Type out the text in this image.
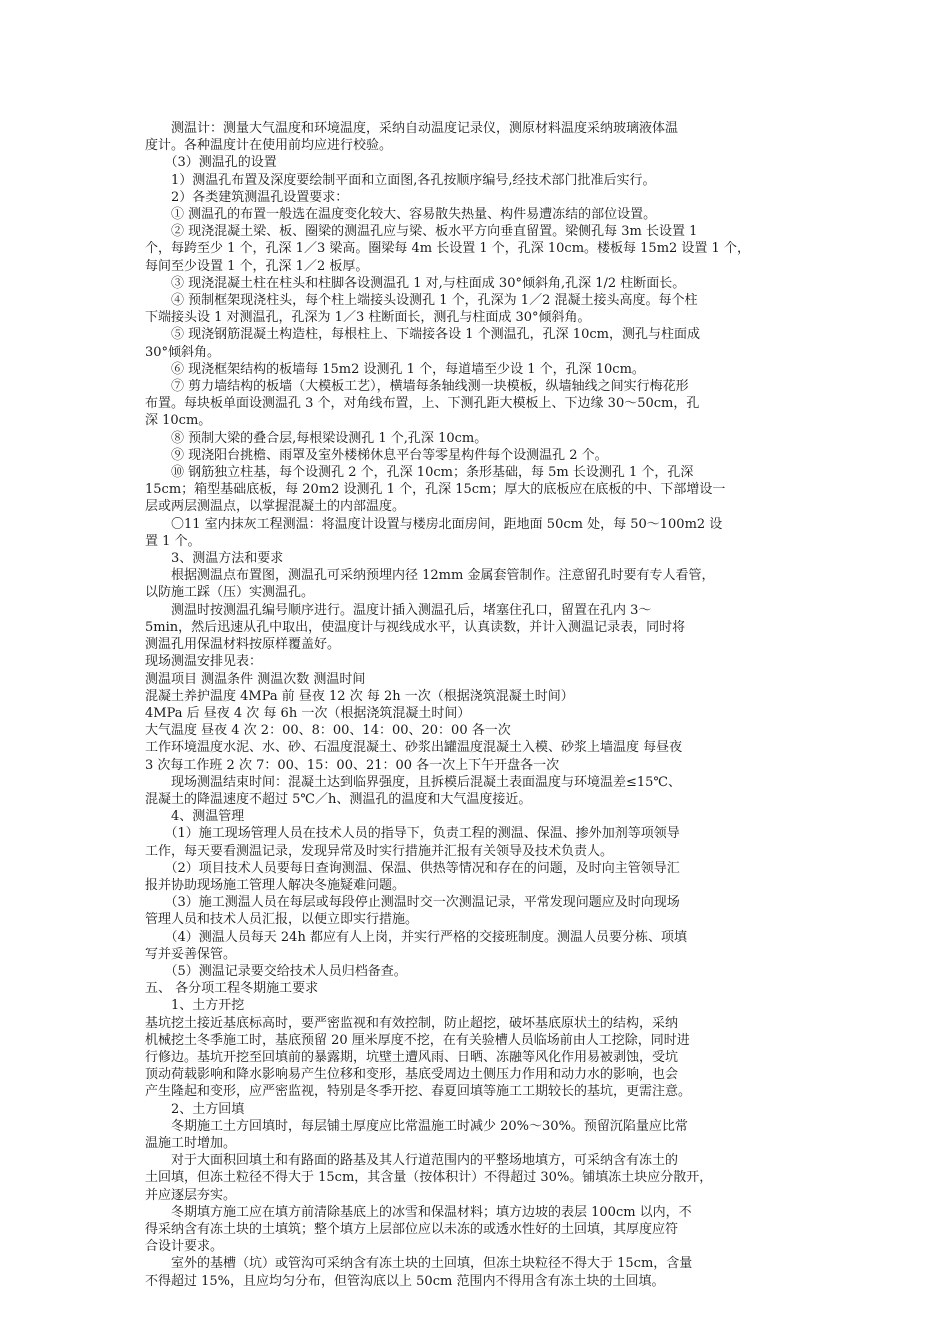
　　测温计：测量大气温度和环境温度，采纳自动温度记录仪，测原材料温度采纳玻璃液体温
度计。各种温度计在使用前均应进行校验。
　　（3）测温孔的设置
　　1）测温孔布置及深度要绘制平面和立面图,各孔按顺序编号,经技术部门批准后实行。
　　2）各类建筑测温孔设置要求：
　　① 测温孔的布置一般选在温度变化较大、容易散失热量、构件易遭冻结的部位设置。
　　② 现浇混凝土梁、板、圈梁的测温孔应与梁、板水平方向垂直留置。梁侧孔每 3m 长设置 1
个，每跨至少 1 个，孔深 1／3 梁高。圈梁每 4m 长设置 1 个，孔深 10cm。楼板每 15m2 设置 1 个，
每间至少设置 1 个，孔深 1／2 板厚。
　　③ 现浇混凝土柱在柱头和柱脚各设测温孔 1 对,与柱面成 30°倾斜角,孔深 1/2 柱断面长。
　　④ 预制框架现浇柱头，每个柱上端接头设测孔 1 个，孔深为 1／2 混凝土接头高度。每个柱
下端接头设 1 对测温孔，孔深为 1／3 柱断面长，测孔与柱面成 30°倾斜角。
　　⑤ 现浇钢筋混凝土构造柱，每根柱上、下端接各设 1 个测温孔，孔深 10cm，测孔与柱面成
30°倾斜角。
　　⑥ 现浇框架结构的板墙每 15m2 设测孔 1 个，每道墙至少设 1 个，孔深 10cm。
　　⑦ 剪力墙结构的板墙（大模板工艺），横墙每条轴线测一块模板，纵墙轴线之间实行梅花形
布置。每块板单面设测温孔 3 个，对角线布置，上、下测孔距大模板上、下边缘 30～50cm，孔
深 10cm。
　　⑧ 预制大梁的叠合层,每根梁设测孔 1 个,孔深 10cm。
　　⑨ 现浇阳台挑檐、雨罩及室外楼梯休息平台等零星构件每个设测温孔 2 个。
　　⑩ 钢筋独立柱基，每个设测孔 2 个，孔深 10cm；条形基础，每 5m 长设测孔 1 个，孔深
15cm；箱型基础底板，每 20m2 设测孔 1 个，孔深 15cm；厚大的底板应在底板的中、下部增设一
层或两层测温点，以掌握混凝土的内部温度。
　　〇11 室内抹灰工程测温：将温度计设置与楼房北面房间，距地面 50cm 处，每 50～100m2 设
置 1 个。
　　3、测温方法和要求
　　根据测温点布置图，测温孔可采纳预埋内径 12mm 金属套管制作。注意留孔时要有专人看管，
以防施工踩（压）实测温孔。
　　测温时按测温孔编号顺序进行。温度计插入测温孔后，堵塞住孔口，留置在孔内 3～
5min，然后迅速从孔中取出，使温度计与视线成水平，认真读数，并计入测温记录表，同时将
测温孔用保温材料按原样覆盖好。
现场测温安排见表：
测温项目 测温条件 测温次数 测温时间
混凝土养护温度 4MPa 前 昼夜 12 次 每 2h 一次（根据浇筑混凝土时间）
4MPa 后 昼夜 4 次 每 6h 一次（根据浇筑混凝土时间）
大气温度 昼夜 4 次 2：00、8：00、14：00、20：00 各一次
工作环境温度水泥、水、砂、石温度混凝土、砂浆出罐温度混凝土入模、砂浆上墙温度 每昼夜
3 次每工作班 2 次 7：00、15：00、21：00 各一次上下午开盘各一次
　　现场测温结束时间：混凝土达到临界强度，且拆模后混凝土表面温度与环境温差≤15℃、
混凝土的降温速度不超过 5℃／h、测温孔的温度和大气温度接近。
　　4、测温管理
　　（1）施工现场管理人员在技术人员的指导下，负责工程的测温、保温、掺外加剂等项领导
工作，每天要看测温记录，发现异常及时实行措施并汇报有关领导及技术负责人。
　　（2）项目技术人员要每日查询测温、保温、供热等情况和存在的问题，及时向主管领导汇
报并协助现场施工管理人解决冬施疑难问题。
　　（3）施工测温人员在每层或每段停止测温时交一次测温记录，平常发现问题应及时向现场
管理人员和技术人员汇报，以便立即实行措施。
　　（4）测温人员每天 24h 都应有人上岗，并实行严格的交接班制度。测温人员要分栋、项填
写并妥善保管。
　　（5）测温记录要交给技术人员归档备查。
五、 各分项工程冬期施工要求
　　1、土方开挖
基坑挖土接近基底标高时，要严密监视和有效控制，防止超挖，破坏基底原状土的结构，采纳
机械挖土冬季施工时，基底预留 20 厘米厚度不挖，在有关验槽人员临场前由人工挖除，同时进
行修边。基坑开挖至回填前的暴露期，坑壁土遭风雨、日晒、冻融等风化作用易被剥蚀，受坑
顶动荷载影响和降水影响易产生位移和变形，基底受周边土侧压力作用和动力水的影响，也会
产生隆起和变形，应严密监视，特别是冬季开挖、春夏回填等施工工期较长的基坑，更需注意。
　　2、土方回填
　　冬期施工土方回填时，每层铺土厚度应比常温施工时减少 20%～30%。预留沉陷量应比常
温施工时增加。
　　对于大面积回填土和有路面的路基及其人行道范围内的平整场地填方，可采纳含有冻土的
土回填，但冻土粒径不得大于 15cm，其含量（按体积计）不得超过 30%。铺填冻土块应分散开，
并应逐层夯实。
　　冬期填方施工应在填方前清除基底上的冰雪和保温材料；填方边坡的表层 100cm 以内，不
得采纳含有冻土块的土填筑；整个填方上层部位应以未冻的或透水性好的土回填，其厚度应符
合设计要求。
　　室外的基槽（坑）或管沟可采纳含有冻土块的土回填，但冻土块粒径不得大于 15cm，含量
不得超过 15%，且应均匀分布，但管沟底以上 50cm 范围内不得用含有冻土块的土回填。
